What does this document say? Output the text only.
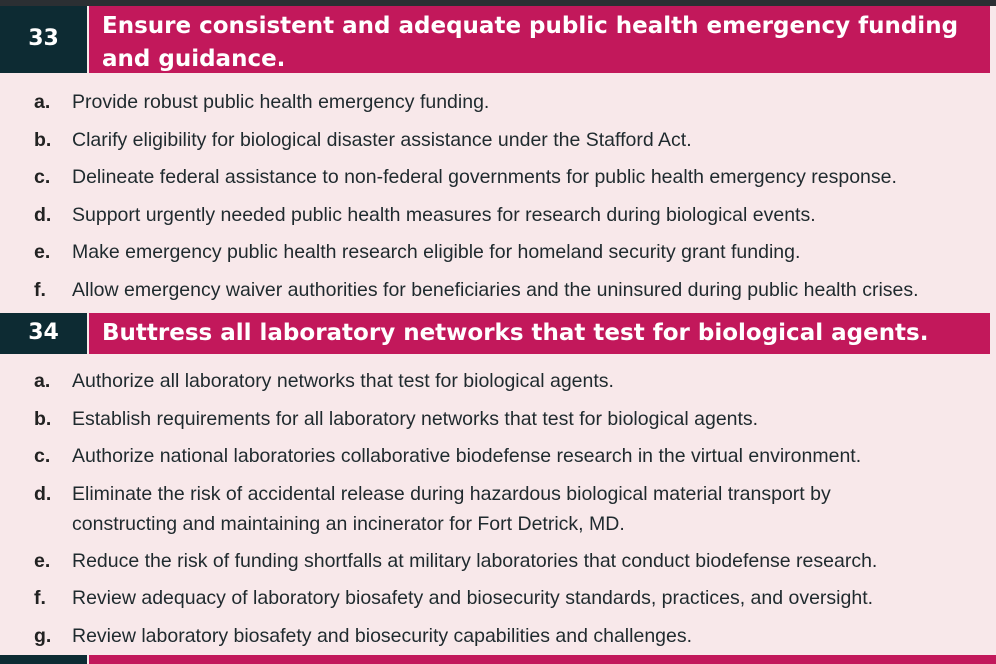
33	Ensure consistent and adequate public health emergency funding and guidance.
a. Provide robust public health emergency funding.
b. Clarify eligibility for biological disaster assistance under the Stafford Act.
c. Delineate federal assistance to non-federal governments for public health emergency response.
d. Support urgently needed public health measures for research during biological events.
e. Make emergency public health research eligible for homeland security grant funding.
f. Allow emergency waiver authorities for beneficiaries and the uninsured during public health crises.
34	Buttress all laboratory networks that test for biological agents.
a. Authorize all laboratory networks that test for biological agents.
b. Establish requirements for all laboratory networks that test for biological agents.
c. Authorize national laboratories collaborative biodefense research in the virtual environment.
d. Eliminate the risk of accidental release during hazardous biological material transport by constructing and maintaining an incinerator for Fort Detrick, MD.
e. Reduce the risk of funding shortfalls at military laboratories that conduct biodefense research.
f. Review adequacy of laboratory biosafety and biosecurity standards, practices, and oversight.
g. Review laboratory biosafety and biosecurity capabilities and challenges.
